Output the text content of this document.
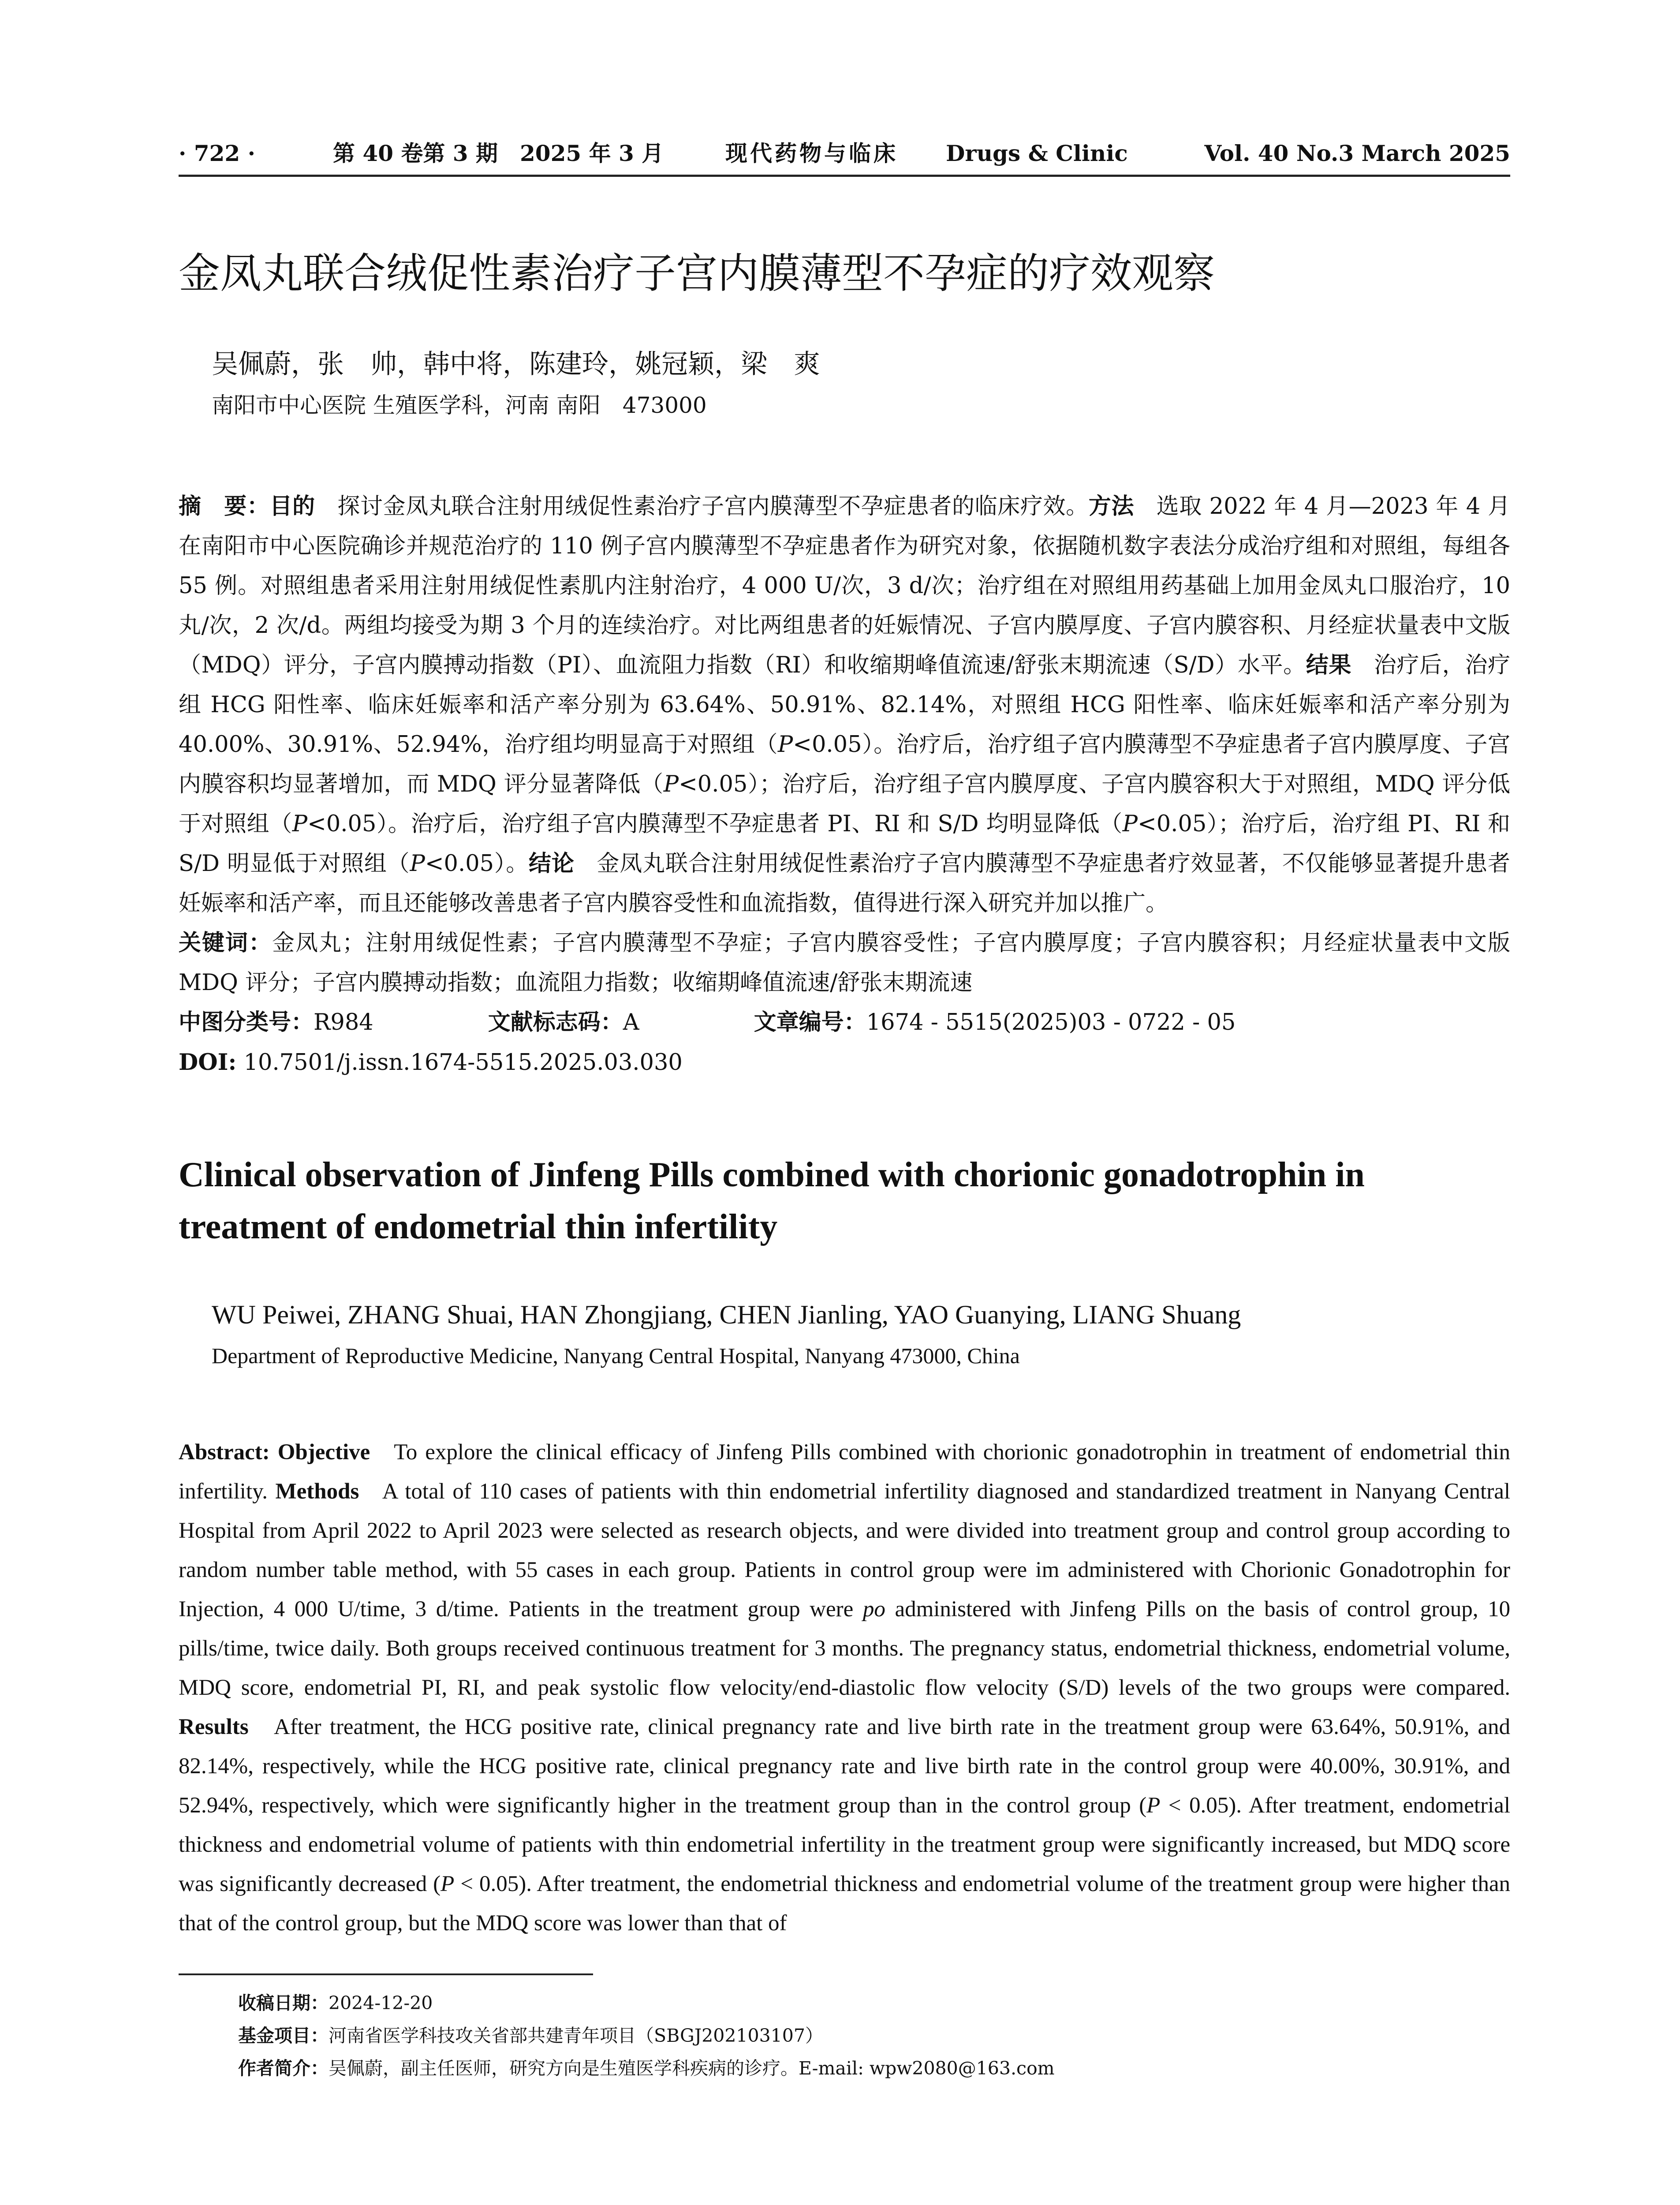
· 722 ·	第 40 卷第 3 期　2025 年 3 月	现代药物与临床 Drugs & Clinic	Vol. 40 No.3 March 2025
金凤丸联合绒促性素治疗子宫内膜薄型不孕症的疗效观察
吴佩蔚，张　帅，韩中将，陈建玲，姚冠颖，梁　爽
南阳市中心医院 生殖医学科，河南 南阳　473000

摘　要：目的 探讨金凤丸联合注射用绒促性素治疗子宫内膜薄型不孕症患者的临床疗效。方法 选取 2022 年 4 月—2023 年 4 月在南阳市中心医院确诊并规范治疗的 110 例子宫内膜薄型不孕症患者作为研究对象，依据随机数字表法分成治疗组和对照组，每组各 55 例。对照组患者采用注射用绒促性素肌内注射治疗，4 000 U/次，3 d/次；治疗组在对照组用药基础上加用金凤丸口服治疗，10 丸/次，2 次/d。两组均接受为期 3 个月的连续治疗。对比两组患者的妊娠情况、子宫内膜厚度、子宫内膜容积、月经症状量表中文版（MDQ）评分，子宫内膜搏动指数（PI）、血流阻力指数（RI）和收缩期峰值流速/舒张末期流速（S/D）水平。结果 治疗后，治疗组 HCG 阳性率、临床妊娠率和活产率分别为 63.64%、50.91%、82.14%，对照组 HCG 阳性率、临床妊娠率和活产率分别为 40.00%、30.91%、52.94%，治疗组均明显高于对照组（P<0.05）。治疗后，治疗组子宫内膜薄型不孕症患者子宫内膜厚度、子宫内膜容积均显著增加，而 MDQ 评分显著降低（P<0.05）；治疗后，治疗组子宫内膜厚度、子宫内膜容积大于对照组，MDQ 评分低于对照组（P<0.05）。治疗后，治疗组子宫内膜薄型不孕症患者 PI、RI 和 S/D 均明显降低（P<0.05）；治疗后，治疗组 PI、RI 和 S/D 明显低于对照组（P<0.05）。结论 金凤丸联合注射用绒促性素治疗子宫内膜薄型不孕症患者疗效显著，不仅能够显著提升患者妊娠率和活产率，而且还能够改善患者子宫内膜容受性和血流指数，值得进行深入研究并加以推广。

关键词：金凤丸；注射用绒促性素；子宫内膜薄型不孕症；子宫内膜容受性；子宫内膜厚度；子宫内膜容积；月经症状量表中文版 MDQ 评分；子宫内膜搏动指数；血流阻力指数；收缩期峰值流速/舒张末期流速

中图分类号：R984	文献标志码：A	文章编号：1674 - 5515(2025)03 - 0722 - 05

DOI: 10.7501/j.issn.1674-5515.2025.03.030

Clinical observation of Jinfeng Pills combined with chorionic gonadotrophin in treatment of endometrial thin infertility
WU Peiwei, ZHANG Shuai, HAN Zhongjiang, CHEN Jianling, YAO Guanying, LIANG Shuang
Department of Reproductive Medicine, Nanyang Central Hospital, Nanyang 473000, China
Abstract: Objective To explore the clinical efficacy of Jinfeng Pills combined with chorionic gonadotrophin in treatment of endometrial thin infertility. Methods A total of 110 cases of patients with thin endometrial infertility diagnosed and standardized treatment in Nanyang Central Hospital from April 2022 to April 2023 were selected as research objects, and were divided into treatment group and control group according to random number table method, with 55 cases in each group. Patients in control group were im administered with Chorionic Gonadotrophin for Injection, 4 000 U/time, 3 d/time. Patients in the treatment group were po administered with Jinfeng Pills on the basis of control group, 10 pills/time, twice daily. Both groups received continuous treatment for 3 months. The pregnancy status, endometrial thickness, endometrial volume, MDQ score, endometrial PI, RI, and peak systolic flow velocity/end-diastolic flow velocity (S/D) levels of the two groups were compared. Results After treatment, the HCG positive rate, clinical pregnancy rate and live birth rate in the treatment group were 63.64%, 50.91%, and 82.14%, respectively, while the HCG positive rate, clinical pregnancy rate and live birth rate in the control group were 40.00%, 30.91%, and 52.94%, respectively, which were significantly higher in the treatment group than in the control group (P < 0.05). After treatment, endometrial thickness and endometrial volume of patients with thin endometrial infertility in the treatment group were significantly increased, but MDQ score was significantly decreased (P < 0.05). After treatment, the endometrial thickness and endometrial volume of the treatment group were higher than that of the control group, but the MDQ score was lower than that of

收稿日期：2024-12-20

基金项目：河南省医学科技攻关省部共建青年项目（SBGJ202103107）

作者简介：吴佩蔚，副主任医师，研究方向是生殖医学科疾病的诊疗。E-mail: wpw2080@163.com
